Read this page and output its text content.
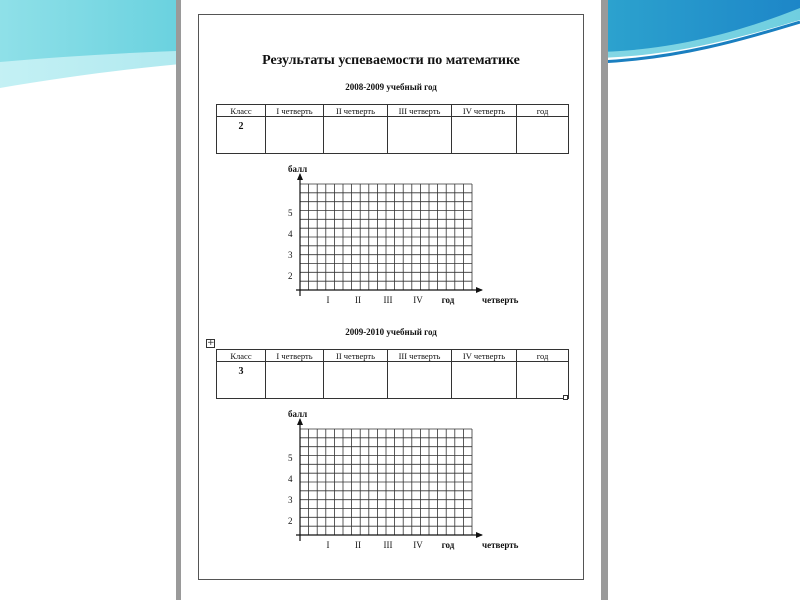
Результаты успеваемости по математике
2008-2009 учебный год
Класс	I четверть	II четверть	III четверть	IV четверть	год
2					
балл
четверть
5
4
3
2
I	II	III IV год
2009-2010 учебный год
+
Класс	I четверть	II четверть	III четверть	IV четверть	год
3					
балл
четверть
5
4
3
2
I	II	III IV год
